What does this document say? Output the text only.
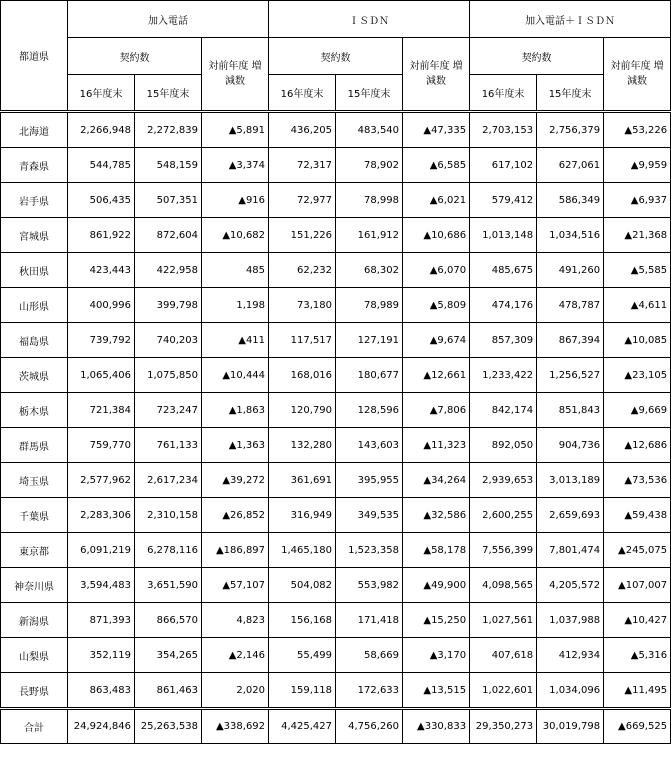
都道県	加入電話			ＩＳＤＮ			加入電話＋ＩＳＤＮ		
	契約数		対前年度 増減数	契約数		対前年度 増減数	契約数		対前年度 増減数
	16年度末	15年度末		16年度末	15年度末		16年度末	15年度末	
北海道	2,266,948	2,272,839	▲5,891	436,205	483,540	▲47,335	2,703,153	2,756,379	▲53,226
青森県	544,785	548,159	▲3,374	72,317	78,902	▲6,585	617,102	627,061	▲9,959
岩手県	506,435	507,351	▲916	72,977	78,998	▲6,021	579,412	586,349	▲6,937
宮城県	861,922	872,604	▲10,682	151,226	161,912	▲10,686	1,013,148	1,034,516	▲21,368
秋田県	423,443	422,958	485	62,232	68,302	▲6,070	485,675	491,260	▲5,585
山形県	400,996	399,798	1,198	73,180	78,989	▲5,809	474,176	478,787	▲4,611
福島県	739,792	740,203	▲411	117,517	127,191	▲9,674	857,309	867,394	▲10,085
茨城県	1,065,406	1,075,850	▲10,444	168,016	180,677	▲12,661	1,233,422	1,256,527	▲23,105
栃木県	721,384	723,247	▲1,863	120,790	128,596	▲7,806	842,174	851,843	▲9,669
群馬県	759,770	761,133	▲1,363	132,280	143,603	▲11,323	892,050	904,736	▲12,686
埼玉県	2,577,962	2,617,234	▲39,272	361,691	395,955	▲34,264	2,939,653	3,013,189	▲73,536
千葉県	2,283,306	2,310,158	▲26,852	316,949	349,535	▲32,586	2,600,255	2,659,693	▲59,438
東京都	6,091,219	6,278,116	▲186,897	1,465,180	1,523,358	▲58,178	7,556,399	7,801,474	▲245,075
神奈川県	3,594,483	3,651,590	▲57,107	504,082	553,982	▲49,900	4,098,565	4,205,572	▲107,007
新潟県	871,393	866,570	4,823	156,168	171,418	▲15,250	1,027,561	1,037,988	▲10,427
山梨県	352,119	354,265	▲2,146	55,499	58,669	▲3,170	407,618	412,934	▲5,316
長野県	863,483	861,463	2,020	159,118	172,633	▲13,515	1,022,601	1,034,096	▲11,495
合計	24,924,846	25,263,538	▲338,692	4,425,427	4,756,260	▲330,833	29,350,273	30,019,798	▲669,525
